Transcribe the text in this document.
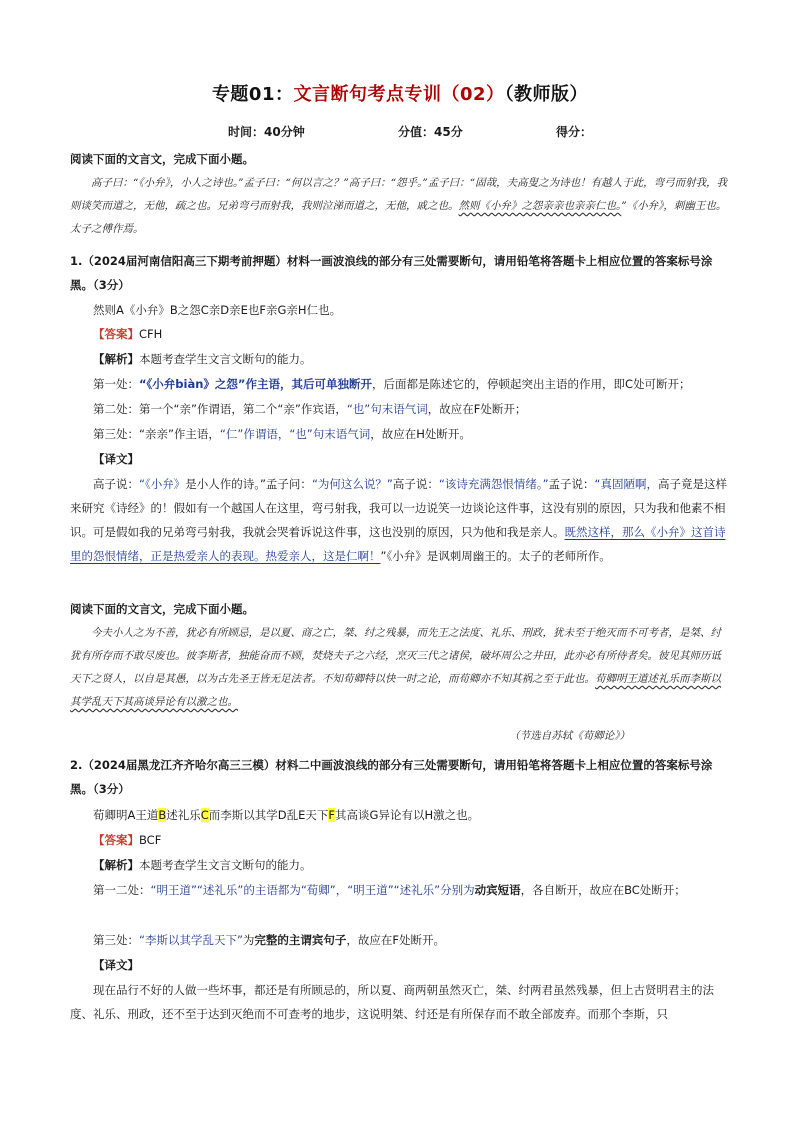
专题01：文言断句考点专训（02）（教师版）
时间：40分钟	分值：45分	得分：
阅读下面的文言文，完成下面小题。
高子曰：“《小弁》，小人之诗也。”孟子曰：“何以言之？”高子曰：“怨乎。”孟子曰：“固哉，夫高叟之为诗也！有越人于此，弯弓而射我，我则谈笑而道之，无他，疏之也。兄弟弯弓而射我，我则泣涕而道之，无他，戚之也。然则《小弁》之怨亲亲也亲亲仁也。”《小弁》，刺幽王也。太子之傅作焉。
1.（2024届河南信阳高三下期考前押题）材料一画波浪线的部分有三处需要断句，请用铅笔将答题卡上相应位置的答案标号涂黑。（3分）
然则A《小弁》B之怨C亲D亲E也F亲G亲H仁也。
【答案】CFH
【解析】本题考查学生文言文断句的能力。
第一处：“《小弁biàn》之怨”作主语，其后可单独断开，后面都是陈述它的，停顿起突出主语的作用，即C处可断开；
第二处：第一个“亲”作谓语，第二个“亲”作宾语，“也”句末语气词，故应在F处断开；
第三处：“亲亲”作主语，“仁”作谓语，“也”句末语气词，故应在H处断开。
【译文】
高子说：“《小弁》是小人作的诗。”孟子问：“为何这么说？”高子说：“该诗充满怨恨情绪。”孟子说：“真固陋啊，高子竟是这样来研究《诗经》的！假如有一个越国人在这里，弯弓射我，我可以一边说笑一边谈论这件事，这没有别的原因，只为我和他素不相识。可是假如我的兄弟弯弓射我，我就会哭着诉说这件事，这也没别的原因，只为他和我是亲人。既然这样，那么《小弁》这首诗里的怨恨情绪，正是热爱亲人的表现。热爱亲人，这是仁啊！”《小弁》是讽刺周幽王的。太子的老师所作。
阅读下面的文言文，完成下面小题。
今夫小人之为不善，犹必有所顾忌，是以夏、商之亡，桀、纣之残暴，而先王之法度、礼乐、刑政，犹未至于绝灭而不可考者，是桀、纣犹有所存而不敢尽废也。彼李斯者，独能奋而不顾，焚烧夫子之六经，烹灭三代之诸侯，破坏周公之井田，此亦必有所侍者矣。彼见其师历诋天下之贤人，以自是其愚，以为古先圣王皆无足法者。不知荀卿特以快一时之论，而荀卿亦不知其祸之至于此也。荀卿明王道述礼乐而李斯以其学乱天下其高谈异论有以激之也。
（节选自苏轼《荀卿论》）
2.（2024届黑龙江齐齐哈尔高三三模）材料二中画波浪线的部分有三处需要断句，请用铅笔将答题卡上相应位置的答案标号涂黑。（3分）
荀卿明A王道B述礼乐C而李斯以其学D乱E天下F其高谈G异论有以H激之也。
【答案】BCF
【解析】本题考查学生文言文断句的能力。
第一二处：“明王道”“述礼乐”的主语都为“荀卿”，“明王道”“述礼乐”分别为动宾短语，各自断开，故应在BC处断开；
第三处：“李斯以其学乱天下”为完整的主谓宾句子，故应在F处断开。
【译文】
现在品行不好的人做一些坏事，都还是有所顾忌的，所以夏、商两朝虽然灭亡，桀、纣两君虽然残暴，但上古贤明君主的法度、礼乐、刑政，还不至于达到灭绝而不可查考的地步，这说明桀、纣还是有所保存而不敢全部废弃。而那个李斯，只
